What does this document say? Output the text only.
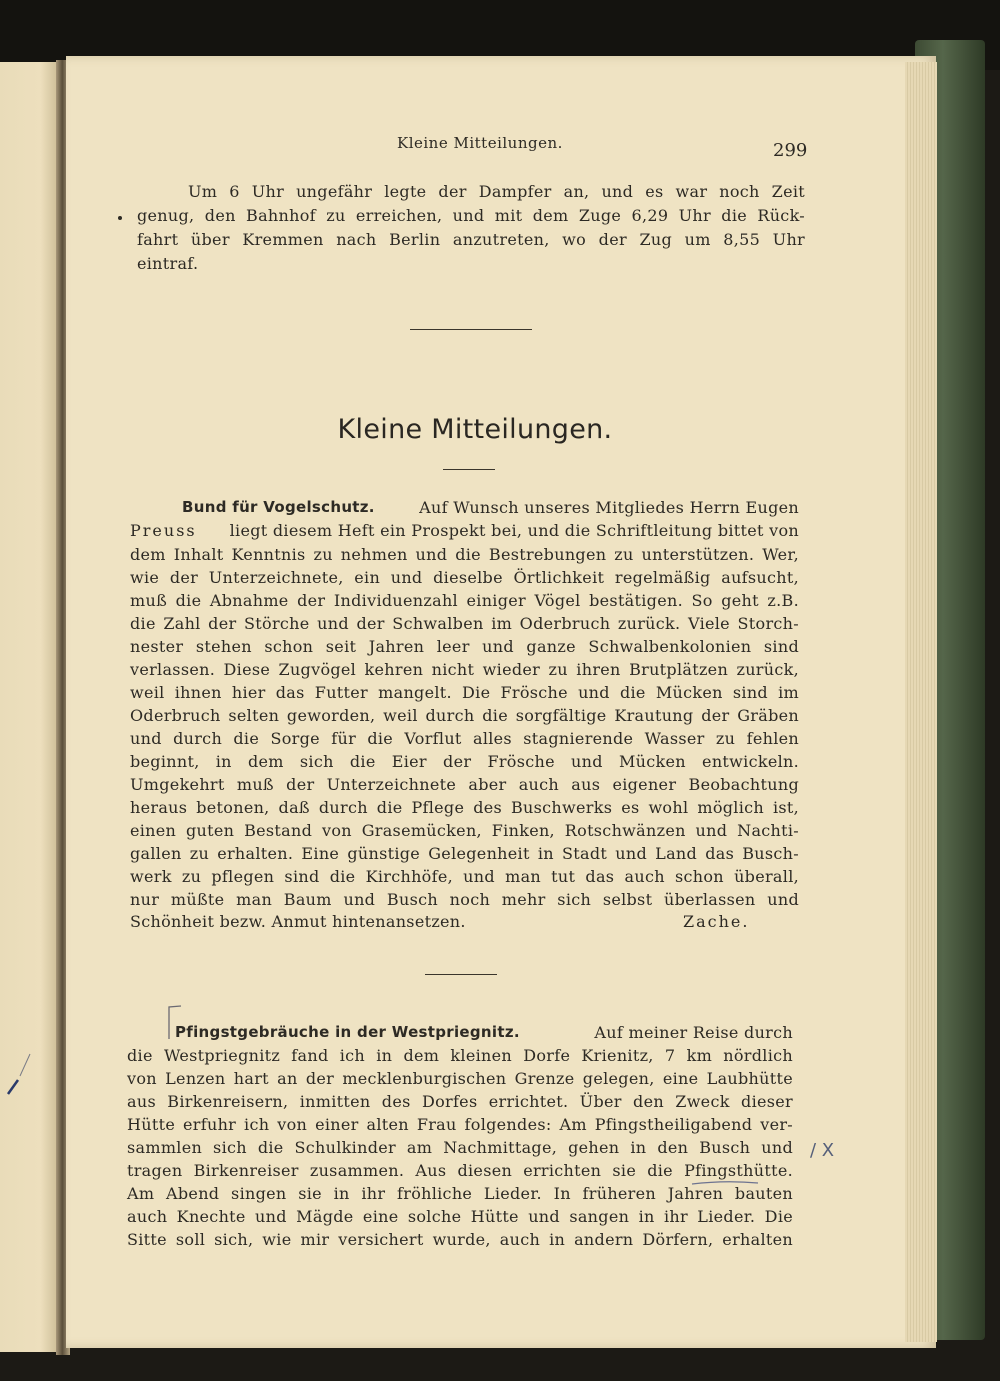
Kleine Mitteilungen.	299
Um 6 Uhr ungefähr legte der Dampfer an, und es war noch Zeit
genug, den Bahnhof zu erreichen, und mit dem Zuge 6,29 Uhr die Rück-
fahrt über Kremmen nach Berlin anzutreten, wo der Zug um 8,55 Uhr
eintraf.
Kleine Mitteilungen.
Bund für Vogelschutz.	Auf Wunsch unseres Mitgliedes Herrn Eugen
Preuss liegt diesem Heft ein Prospekt bei, und die Schriftleitung bittet von
dem Inhalt Kenntnis zu nehmen und die Bestrebungen zu unterstützen. Wer,
wie der Unterzeichnete, ein und dieselbe Örtlichkeit regelmäßig aufsucht,
muß die Abnahme der Individuenzahl einiger Vögel bestätigen. So geht z.B.
die Zahl der Störche und der Schwalben im Oderbruch zurück. Viele Storch-
nester stehen schon seit Jahren leer und ganze Schwalbenkolonien sind
verlassen. Diese Zugvögel kehren nicht wieder zu ihren Brutplätzen zurück,
weil ihnen hier das Futter mangelt. Die Frösche und die Mücken sind im
Oderbruch selten geworden, weil durch die sorgfältige Krautung der Gräben
und durch die Sorge für die Vorflut alles stagnierende Wasser zu fehlen
beginnt, in dem sich die Eier der Frösche und Mücken entwickeln.
Umgekehrt muß der Unterzeichnete aber auch aus eigener Beobachtung
heraus betonen, daß durch die Pflege des Buschwerks es wohl möglich ist,
einen guten Bestand von Grasemücken, Finken, Rotschwänzen und Nachti-
gallen zu erhalten. Eine günstige Gelegenheit in Stadt und Land das Busch-
werk zu pflegen sind die Kirchhöfe, und man tut das auch schon überall,
nur müßte man Baum und Busch noch mehr sich selbst überlassen und
Schönheit bezw. Anmut hintenansetzen.	Zache.
Pfingstgebräuche in der Westpriegnitz.	Auf meiner Reise durch
die Westpriegnitz fand ich in dem kleinen Dorfe Krienitz, 7 km nördlich
von Lenzen hart an der mecklenburgischen Grenze gelegen, eine Laubhütte
aus Birkenreisern, inmitten des Dorfes errichtet. Über den Zweck dieser
Hütte erfuhr ich von einer alten Frau folgendes: Am Pfingstheiligabend ver-
sammlen sich die Schulkinder am Nachmittage, gehen in den Busch und
tragen Birkenreiser zusammen. Aus diesen errichten sie die Pfingsthütte.
Am Abend singen sie in ihr fröhliche Lieder. In früheren Jahren bauten
auch Knechte und Mägde eine solche Hütte und sangen in ihr Lieder. Die
Sitte soll sich, wie mir versichert wurde, auch in andern Dörfern, erhalten
/ X
